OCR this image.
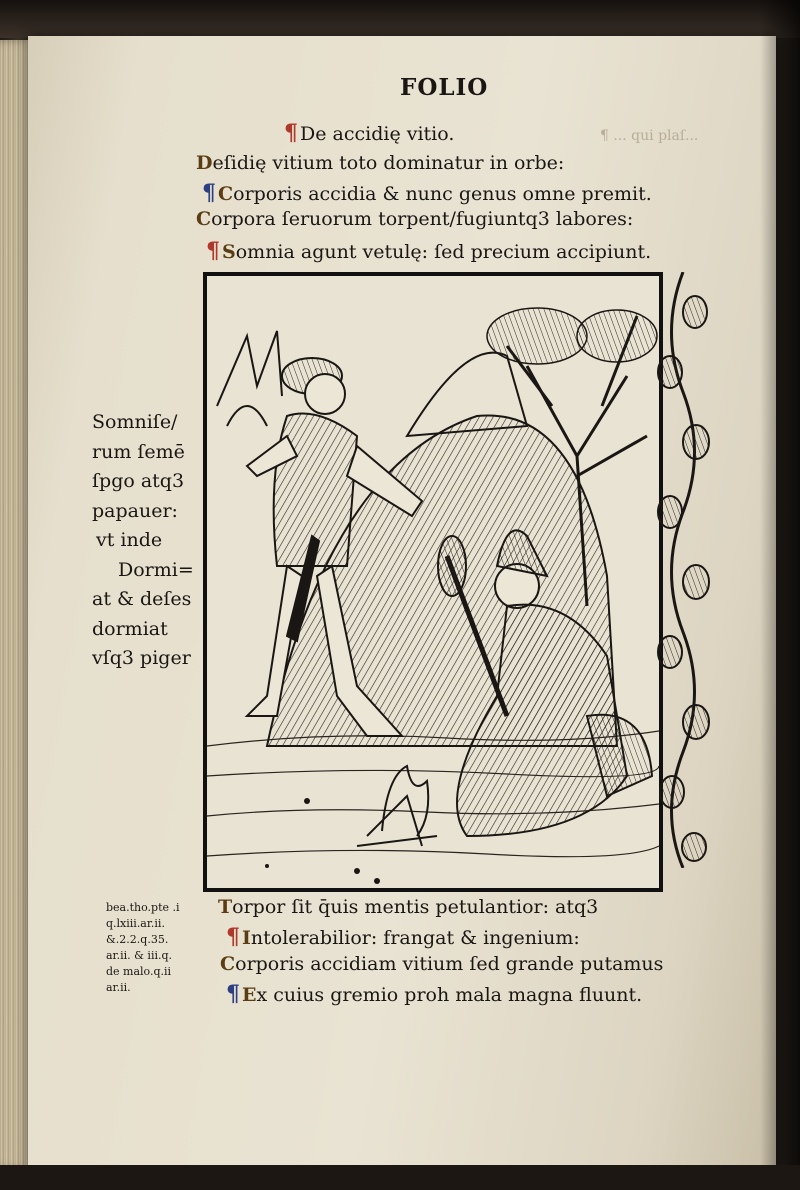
¶ ... qui plaſ...
FOLIO
¶ De accidię vitio.
Deſidię vitium toto dominatur in orbe:
¶ Corporis accidia & nunc genus omne premit.
Corpora ſeruorum torpent/fugiuntq3 labores:
¶ Somnia agunt vetulę: ſed precium accipiunt.
Somniſe/
rum ſemē
ſpgo atq3
papauer:
vt inde
Dormi=
at & deſes
dormiat
vſq3 piger
bea.tho.pte .i
q.lxiii.ar.ii.
&.2.2.q.35.
ar.ii. & iii.q.
de malo.q.ii
ar.ii.
Torpor ſit q̄uis mentis petulantior: atq3
¶ Intolerabilior: frangat & ingenium:
Corporis accidiam vitium ſed grande putamus
¶ Ex cuius gremio proh mala magna fluunt.
